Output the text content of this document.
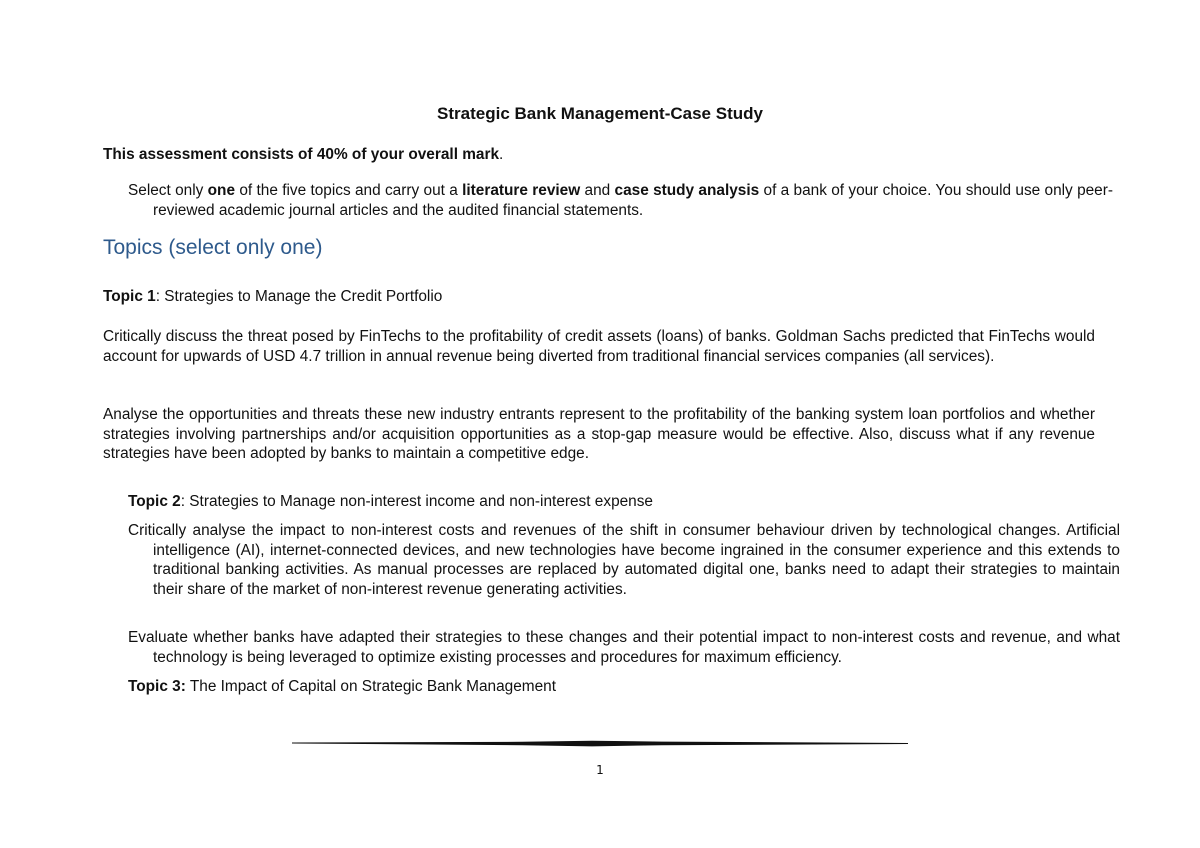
Strategic Bank Management-Case Study

This assessment consists of 40% of your overall mark.

Select only one of the five topics and carry out a literature review and case study analysis of a bank of your choice. You should use only peer-reviewed academic journal articles and the audited financial statements.

Topics (select only one)

Topic 1: Strategies to Manage the Credit Portfolio

Critically discuss the threat posed by FinTechs to the profitability of credit assets (loans) of banks. Goldman Sachs predicted that FinTechs would account for upwards of USD 4.7 trillion in annual revenue being diverted from traditional financial services companies (all services).

Analyse the opportunities and threats these new industry entrants represent to the profitability of the banking system loan portfolios and whether strategies involving partnerships and/or acquisition opportunities as a stop-gap measure would be effective. Also, discuss what if any revenue strategies have been adopted by banks to maintain a competitive edge.

Topic 2: Strategies to Manage non-interest income and non-interest expense

Critically analyse the impact to non-interest costs and revenues of the shift in consumer behaviour driven by technological changes. Artificial intelligence (AI), internet-connected devices, and new technologies have become ingrained in the consumer experience and this extends to traditional banking activities. As manual processes are replaced by automated digital one, banks need to adapt their strategies to maintain their share of the market of non-interest revenue generating activities.

Evaluate whether banks have adapted their strategies to these changes and their potential impact to non-interest costs and revenue, and what technology is being leveraged to optimize existing processes and procedures for maximum efficiency.

Topic 3: The Impact of Capital on Strategic Bank Management

1
